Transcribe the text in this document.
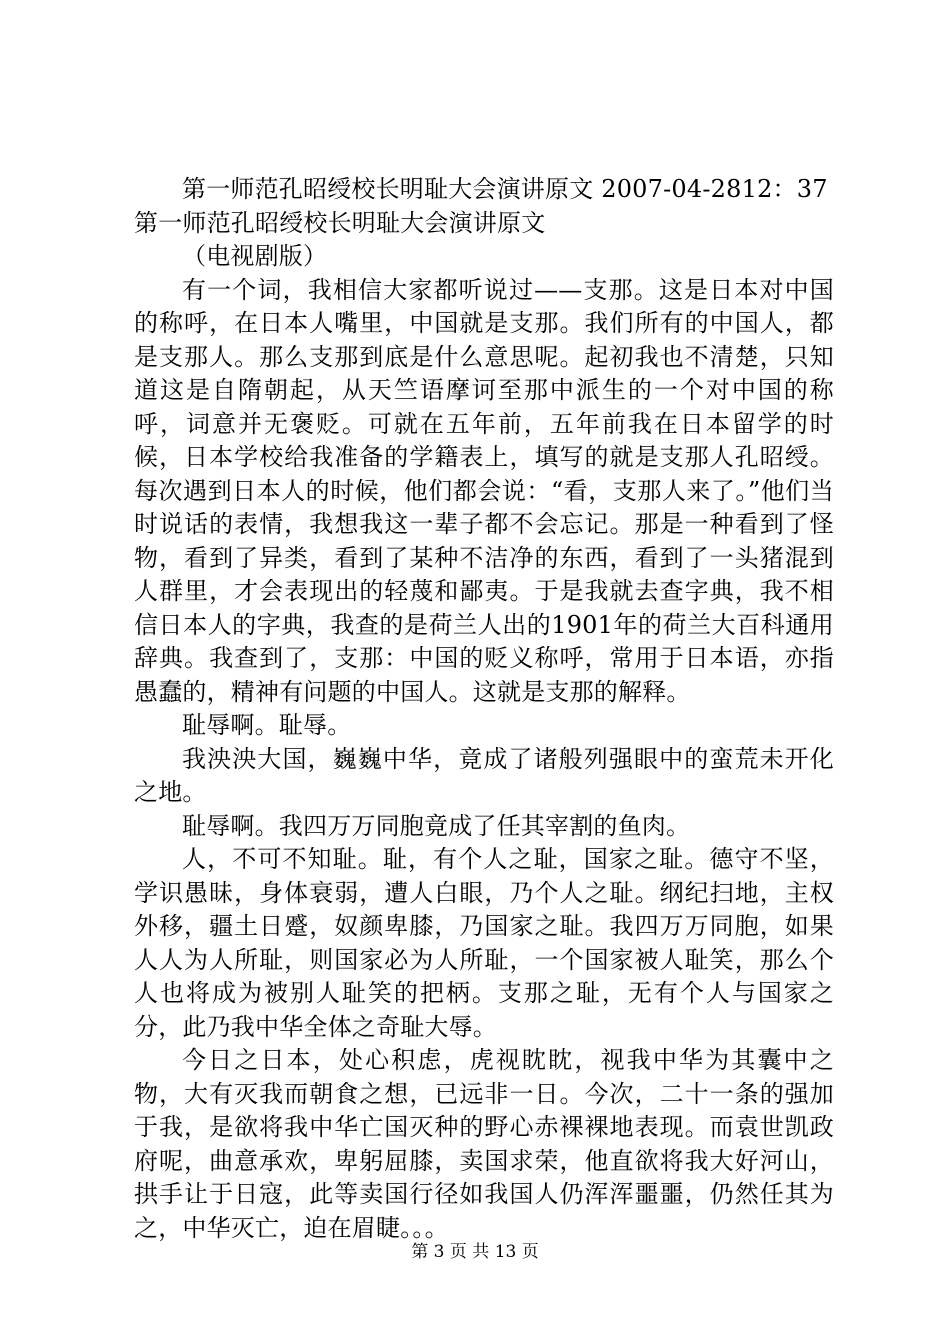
第一师范孔昭绶校长明耻大会演讲原文 2007-04-2812：37

第一师范孔昭绶校长明耻大会演讲原文

（电视剧版）

有一个词，我相信大家都听说过——支那。这是日本对中国的称呼，在日本人嘴里，中国就是支那。我们所有的中国人，都是支那人。那么支那到底是什么意思呢。起初我也不清楚，只知道这是自隋朝起，从天竺语摩诃至那中派生的一个对中国的称呼，词意并无褒贬。可就在五年前，五年前我在日本留学的时候，日本学校给我准备的学籍表上，填写的就是支那人孔昭绶。每次遇到日本人的时候，他们都会说：“看，支那人来了。”他们当时说话的表情，我想我这一辈子都不会忘记。那是一种看到了怪物，看到了异类，看到了某种不洁净的东西，看到了一头猪混到人群里，才会表现出的轻蔑和鄙夷。于是我就去查字典，我不相信日本人的字典，我查的是荷兰人出的1901年的荷兰大百科通用辞典。我查到了，支那：中国的贬义称呼，常用于日本语，亦指愚蠢的，精神有问题的中国人。这就是支那的解释。

耻辱啊。耻辱。

我泱泱大国，巍巍中华，竟成了诸般列强眼中的蛮荒未开化之地。

耻辱啊。我四万万同胞竟成了任其宰割的鱼肉。

人，不可不知耻。耻，有个人之耻，国家之耻。德守不坚，学识愚昧，身体衰弱，遭人白眼，乃个人之耻。纲纪扫地，主权外移，疆土日蹙，奴颜卑膝，乃国家之耻。我四万万同胞，如果人人为人所耻，则国家必为人所耻，一个国家被人耻笑，那么个人也将成为被别人耻笑的把柄。支那之耻，无有个人与国家之分，此乃我中华全体之奇耻大辱。

今日之日本，处心积虑，虎视眈眈，视我中华为其囊中之物，大有灭我而朝食之想，已远非一日。今次，二十一条的强加于我，是欲将我中华亡国灭种的野心赤裸裸地表现。而袁世凯政府呢，曲意承欢，卑躬屈膝，卖国求荣，他直欲将我大好河山，拱手让于日寇，此等卖国行径如我国人仍浑浑噩噩，仍然任其为之，中华灭亡，迫在眉睫。。。

第 3 页 共 13 页
